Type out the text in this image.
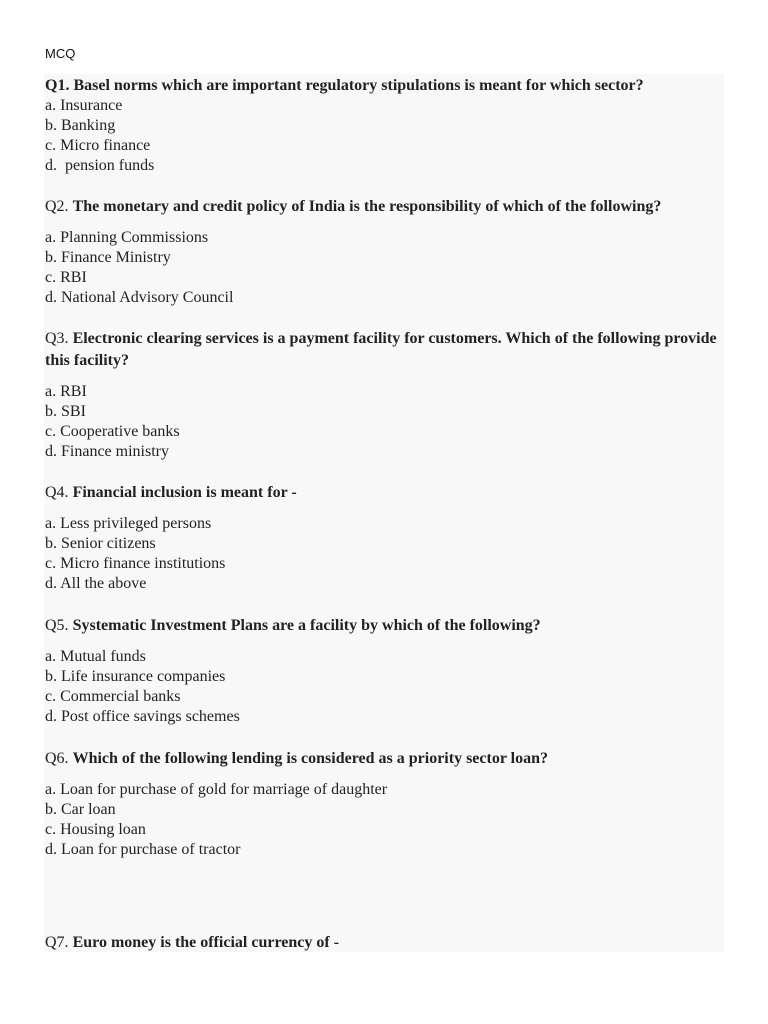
MCQ
Q1. Basel norms which are important regulatory stipulations is meant for which sector?
a. Insurance
b. Banking
c. Micro finance
d.  pension funds
Q2. The monetary and credit policy of India is the responsibility of which of the following?
a. Planning Commissions
b. Finance Ministry
c. RBI
d. National Advisory Council
Q3. Electronic clearing services is a payment facility for customers. Which of the following provide this facility?
a. RBI
b. SBI
c. Cooperative banks
d. Finance ministry
Q4. Financial inclusion is meant for -
a. Less privileged persons
b. Senior citizens
c. Micro finance institutions
d. All the above
Q5. Systematic Investment Plans are a facility by which of the following?
a. Mutual funds
b. Life insurance companies
c. Commercial banks
d. Post office savings schemes
Q6. Which of the following lending is considered as a priority sector loan?
a. Loan for purchase of gold for marriage of daughter
b. Car loan
c. Housing loan
d. Loan for purchase of tractor
Q7. Euro money is the official currency of -
